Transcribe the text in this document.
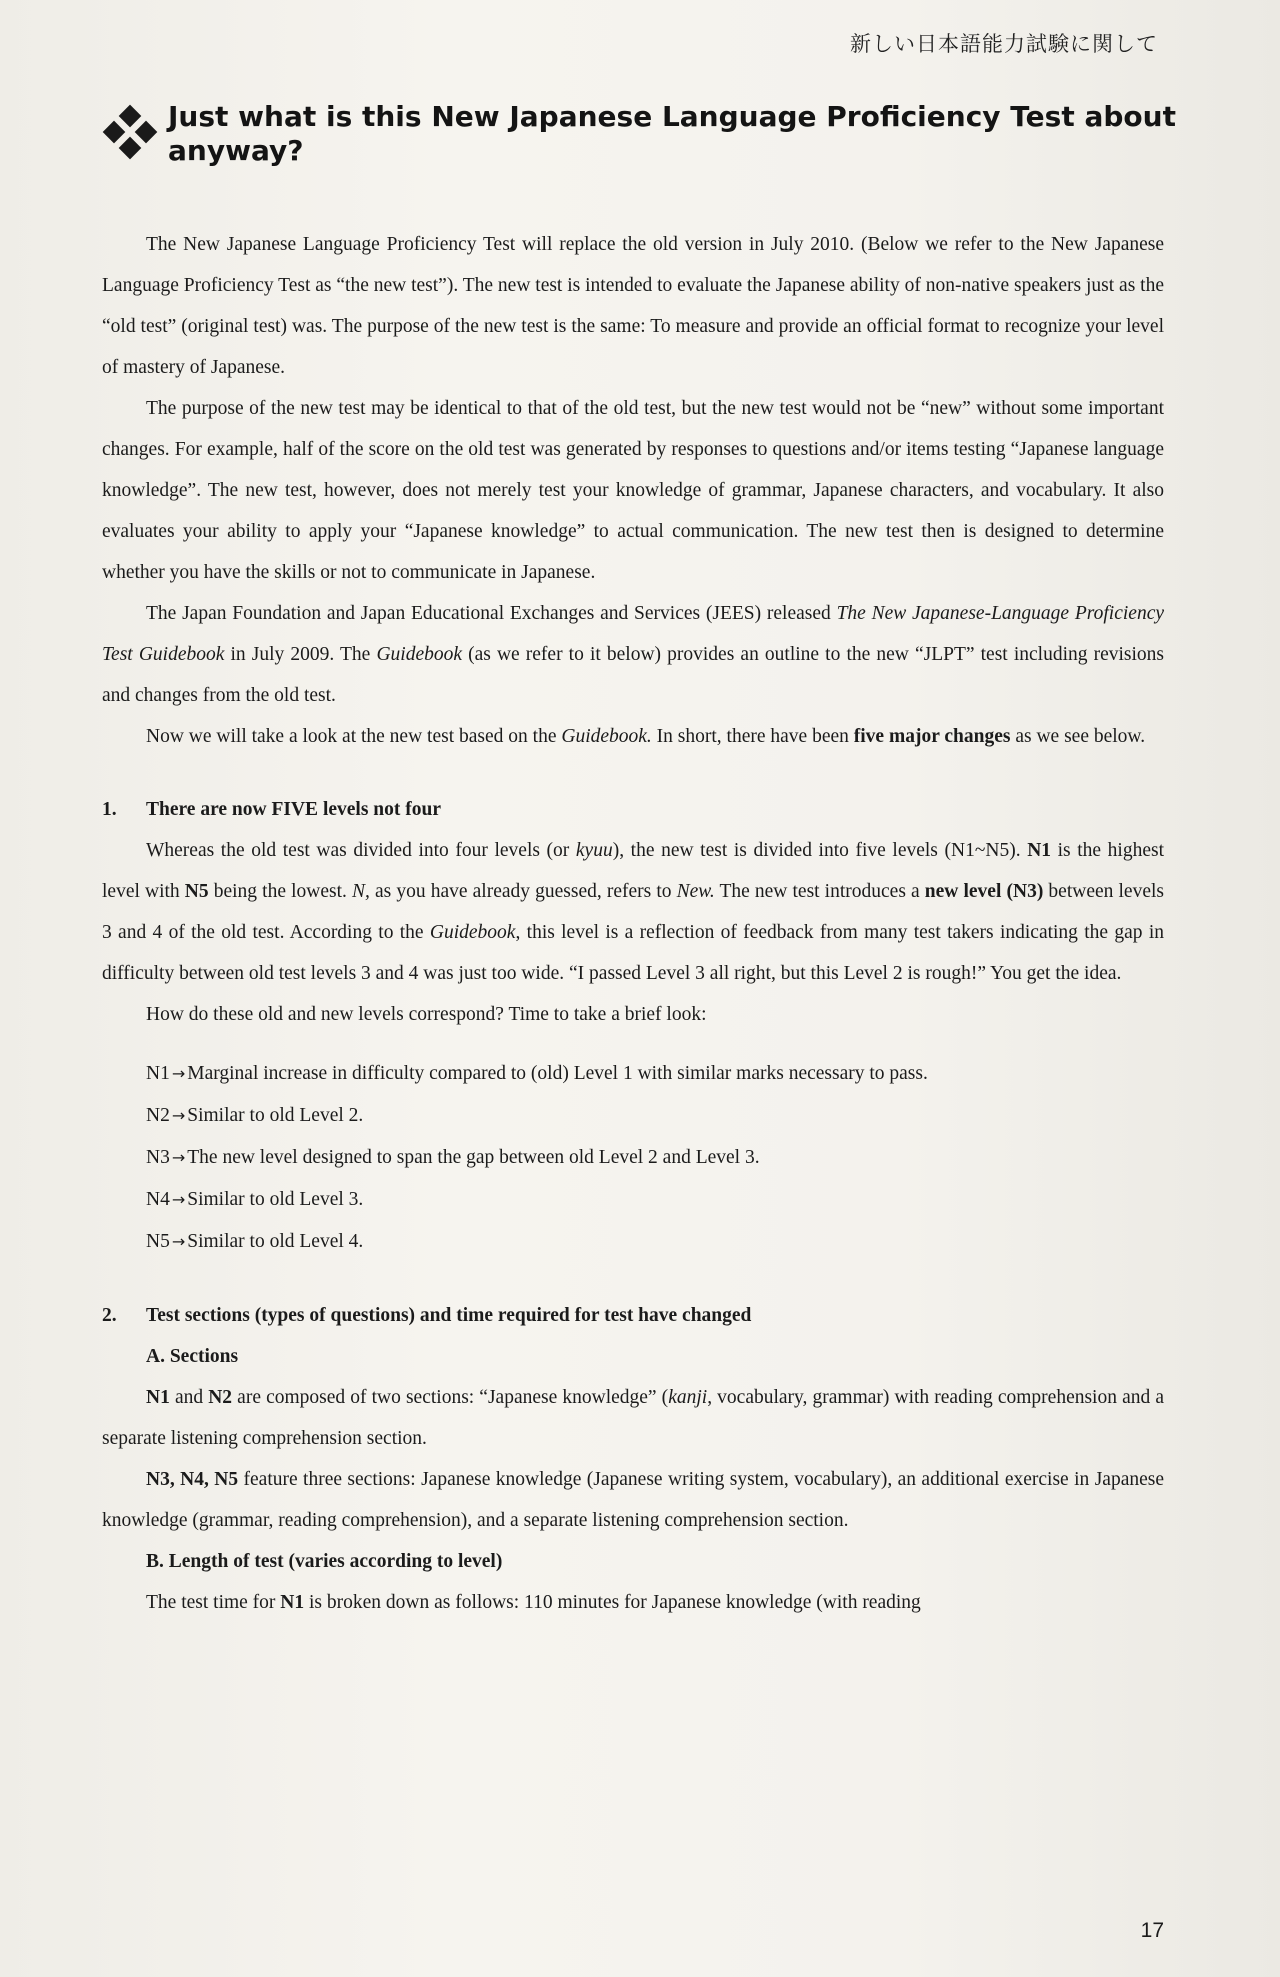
新しい日本語能力試験に関して
Just what is this New Japanese Language Proficiency Test about anyway?

The New Japanese Language Proficiency Test will replace the old version in July 2010. (Below we refer to the New Japanese Language Proficiency Test as “the new test”). The new test is intended to evaluate the Japanese ability of non-native speakers just as the “old test” (original test) was. The purpose of the new test is the same: To measure and provide an official format to recognize your level of mastery of Japanese.

The purpose of the new test may be identical to that of the old test, but the new test would not be “new” without some important changes. For example, half of the score on the old test was generated by responses to questions and/or items testing “Japanese language knowledge”. The new test, however, does not merely test your knowledge of grammar, Japanese characters, and vocabulary. It also evaluates your ability to apply your “Japanese knowledge” to actual communication. The new test then is designed to determine whether you have the skills or not to communicate in Japanese.

The Japan Foundation and Japan Educational Exchanges and Services (JEES) released The New Japanese-Language Proficiency Test Guidebook in July 2009. The Guidebook (as we refer to it below) provides an outline to the new “JLPT” test including revisions and changes from the old test.

Now we will take a look at the new test based on the Guidebook. In short, there have been five major changes as we see below.

1. There are now FIVE levels not four

Whereas the old test was divided into four levels (or kyuu), the new test is divided into five levels (N1~N5). N1 is the highest level with N5 being the lowest. N, as you have already guessed, refers to New. The new test introduces a new level (N3) between levels 3 and 4 of the old test. According to the Guidebook, this level is a reflection of feedback from many test takers indicating the gap in difficulty between old test levels 3 and 4 was just too wide. “I passed Level 3 all right, but this Level 2 is rough!” You get the idea.

How do these old and new levels correspond? Time to take a brief look:

N1 → Marginal increase in difficulty compared to (old) Level 1 with similar marks necessary to pass.
N2 → Similar to old Level 2.
N3 → The new level designed to span the gap between old Level 2 and Level 3.
N4 → Similar to old Level 3.
N5 → Similar to old Level 4.
2. Test sections (types of questions) and time required for test have changed
A. Sections

N1 and N2 are composed of two sections: “Japanese knowledge” (kanji, vocabulary, grammar) with reading comprehension and a separate listening comprehension section.

N3, N4, N5 feature three sections: Japanese knowledge (Japanese writing system, vocabulary), an additional exercise in Japanese knowledge (grammar, reading comprehension), and a separate listening comprehension section.

B. Length of test (varies according to level)

The test time for N1 is broken down as follows: 110 minutes for Japanese knowledge (with reading

17
